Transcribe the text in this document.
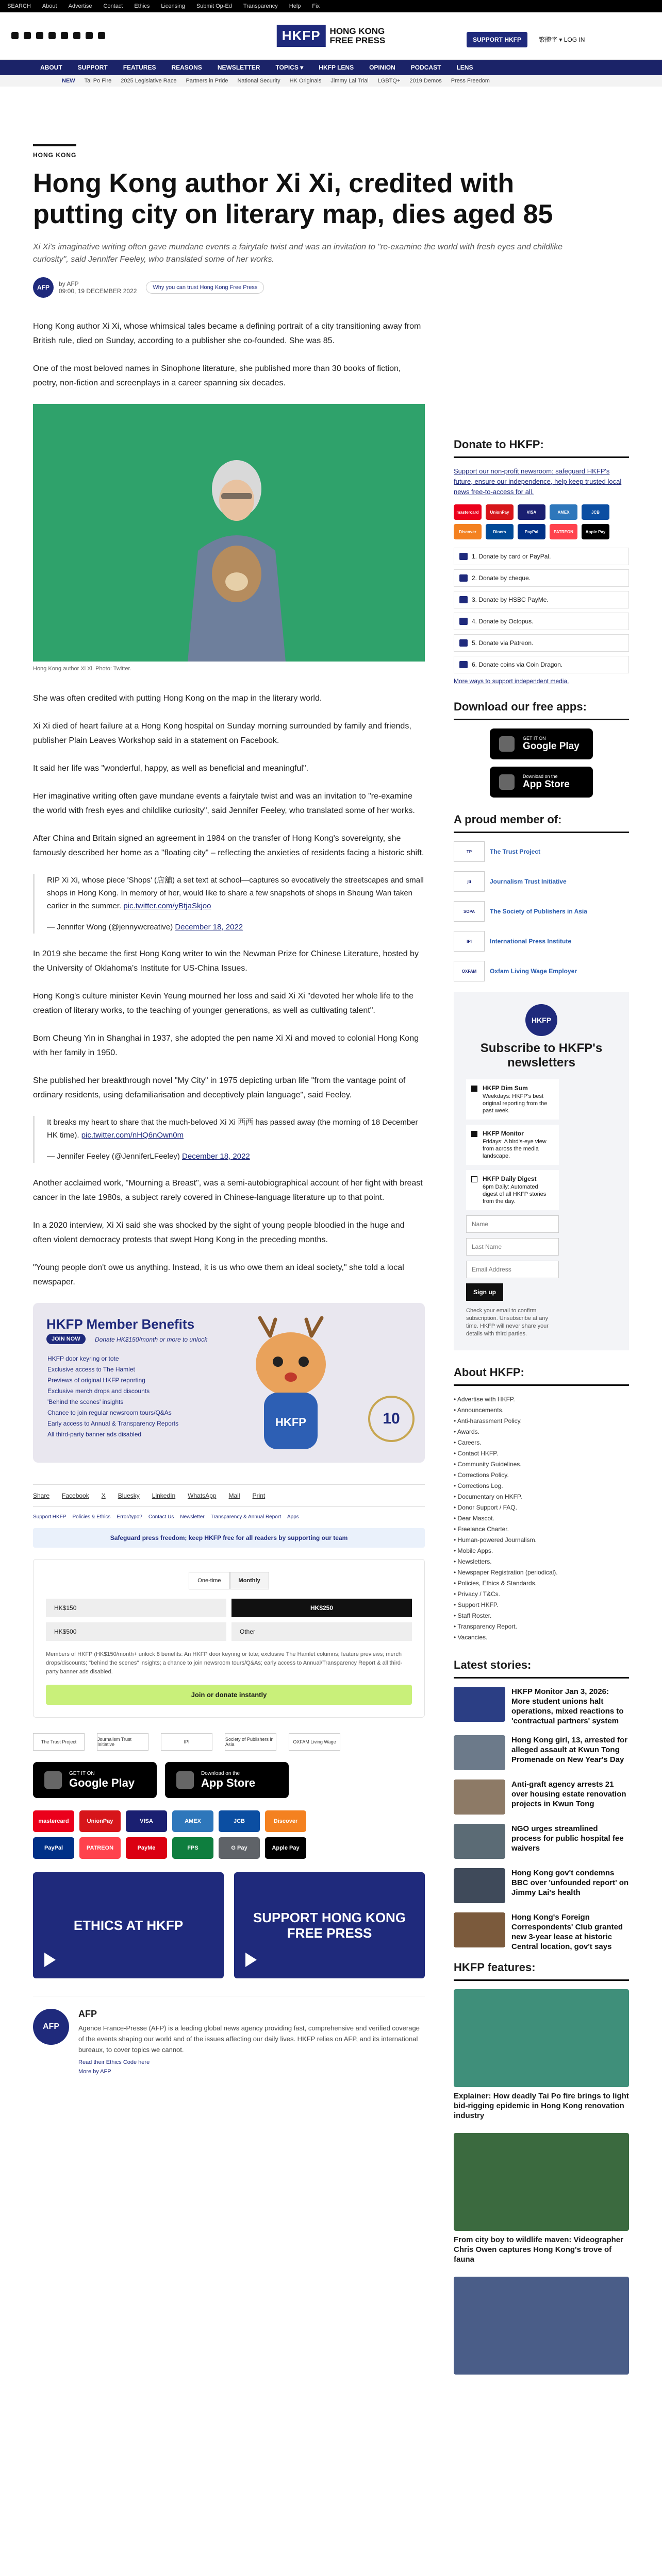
SEARCH About Advertise Contact Ethics Licensing Submit Op-Ed Transparency Help Fix
HKFP	HONG KONG
FREE PRESS	SUPPORT HKFP	繁體字 ▾ LOG IN
ABOUT	SUPPORT	FEATURES	REASONS	NEWSLETTER	TOPICS ▾	HKFP LENS	OPINION	PODCAST	LENS
NEW Tai Po Fire 2025 Legislative Race Partners in Pride National Security HK Originals Jimmy Lai Trial LGBTQ+ 2019 Demos Press Freedom
HONG KONG
Hong Kong author Xi Xi, credited with putting city on literary map, dies aged 85
Xi Xi's imaginative writing often gave mundane events a fairytale twist and was an invitation to "re-examine the world with fresh eyes and childlike curiosity", said Jennifer Feeley, who translated some of her works.
AFP	by AFP
09:00, 19 DECEMBER 2022	Why you can trust Hong Kong Free Press

Hong Kong author Xi Xi, whose whimsical tales became a defining portrait of a city transitioning away from British rule, died on Sunday, according to a publisher she co-founded. She was 85.

One of the most beloved names in Sinophone literature, she published more than 30 books of fiction, poetry, non-fiction and screenplays in a career spanning six decades.

Hong Kong author Xi Xi. Photo: Twitter.

She was often credited with putting Hong Kong on the map in the literary world.

Xi Xi died of heart failure at a Hong Kong hospital on Sunday morning surrounded by family and friends, publisher Plain Leaves Workshop said in a statement on Facebook.

It said her life was "wonderful, happy, as well as beneficial and meaningful".

Her imaginative writing often gave mundane events a fairytale twist and was an invitation to "re-examine the world with fresh eyes and childlike curiosity", said Jennifer Feeley, who translated some of her works.

After China and Britain signed an agreement in 1984 on the transfer of Hong Kong's sovereignty, she famously described her home as a "floating city" – reflecting the anxieties of residents facing a historic shift.

RIP Xi Xi, whose piece 'Shops' (店舖) a set text at school—captures so evocatively the streetscapes and small shops in Hong Kong. In memory of her, would like to share a few snapshots of shops in Sheung Wan taken earlier in the summer. pic.twitter.com/yBtjaSkjoo

— Jennifer Wong (@jennywcreative) December 18, 2022

In 2019 she became the first Hong Kong writer to win the Newman Prize for Chinese Literature, hosted by the University of Oklahoma's Institute for US-China Issues.

Hong Kong's culture minister Kevin Yeung mourned her loss and said Xi Xi "devoted her whole life to the creation of literary works, to the teaching of younger generations, as well as cultivating talent".

Born Cheung Yin in Shanghai in 1937, she adopted the pen name Xi Xi and moved to colonial Hong Kong with her family in 1950.

She published her breakthrough novel "My City" in 1975 depicting urban life "from the vantage point of ordinary residents, using defamiliarisation and deceptively plain language", said Feeley.

It breaks my heart to share that the much-beloved Xi Xi 西西 has passed away (the morning of 18 December HK time). pic.twitter.com/nHQ6nOwn0m

— Jennifer Feeley (@JenniferLFeeley) December 18, 2022

Another acclaimed work, "Mourning a Breast", was a semi-autobiographical account of her fight with breast cancer in the late 1980s, a subject rarely covered in Chinese-language literature up to that point.

In a 2020 interview, Xi Xi said she was shocked by the sight of young people bloodied in the huge and often violent democracy protests that swept Hong Kong in the preceding months.

"Young people don't owe us anything. Instead, it is us who owe them an ideal society," she told a local newspaper.

HKFP Member Benefits
JOIN NOW	Donate HK$150/month or more to unlock
HKFP door keyring or tote
Exclusive access to The Hamlet
Previews of original HKFP reporting
Exclusive merch drops and discounts
'Behind the scenes' insights
Chance to join regular newsroom tours/Q&As
Early access to Annual & Transparency Reports
All third-party banner ads disabled
HKFP	10
Share Facebook X Bluesky LinkedIn WhatsApp Mail Print
Support HKFP Policies & Ethics Error/typo? Contact Us Newsletter Transparency & Annual Report Apps
Safeguard press freedom; keep HKFP free for all readers by supporting our team
One-time	Monthly
HK$150	HK$250
HK$500	Other
Members of HKFP (HK$150/month+ unlock 8 benefits: An HKFP door keyring or tote; exclusive The Hamlet columns; feature previews; merch drops/discounts; "behind the scenes" insights; a chance to join newsroom tours/Q&As; early access to Annual/Transparency Report & all third-party banner ads disabled.
Join or donate instantly
The Trust Project	Journalism Trust Initiative	IPI	Society of Publishers in Asia	OXFAM Living Wage
GET IT ON
Google Play
Download on the
App Store
mastercard	UnionPay	VISA	AMEX	JCB	Discover
PayPal	PATREON	PayMe	FPS	G Pay	Apple Pay
ETHICS AT HKFP	SUPPORT HONG KONG FREE PRESS
AFP
AFP
Agence France-Presse (AFP) is a leading global news agency providing fast, comprehensive and verified coverage of the events shaping our world and of the issues affecting our daily lives. HKFP relies on AFP, and its international bureaux, to cover topics we cannot.
Read their Ethics Code here
More by AFP
Donate to HKFP:
Support our non-profit newsroom: safeguard HKFP's future, ensure our independence, help keep trusted local news free-to-access for all.
mastercard	UnionPay	VISA	AMEX	JCB
Discover	Diners	PayPal	PATREON	Apple Pay
1. Donate by card or PayPal.
2. Donate by cheque.
3. Donate by HSBC PayMe.
4. Donate by Octopus.
5. Donate via Patreon.
6. Donate coins via Coin Dragon.
More ways to support independent media.
Download our free apps:
GET IT ON
Google Play
Download on the
App Store
A proud member of:
TP	The Trust Project
jti	Journalism Trust Initiative
SOPA	The Society of Publishers in Asia
IPI	International Press Institute
OXFAM	Oxfam Living Wage Employer
HKFP
Subscribe to HKFP's newsletters
HKFP Dim Sum
Weekdays: HKFP's best original reporting from the past week.
HKFP Monitor
Fridays: A bird's-eye view from across the media landscape.
HKFP Daily Digest
6pm Daily: Automated digest of all HKFP stories from the day.
Name
Last Name
Email Address
Sign up
Check your email to confirm subscription. Unsubscribe at any time. HKFP will never share your details with third parties.
About HKFP:
• Advertise with HKFP.
• Announcements.
• Anti-harassment Policy.
• Awards.
• Careers.
• Contact HKFP.
• Community Guidelines.
• Corrections Policy.
• Corrections Log.
• Documentary on HKFP.
• Donor Support / FAQ.
• Dear Mascot.
• Freelance Charter.
• Human-powered Journalism.
• Mobile Apps.
• Newsletters.
• Newspaper Registration (periodical).
• Policies, Ethics & Standards.
• Privacy / T&Cs.
• Support HKFP.
• Staff Roster.
• Transparency Report.
• Vacancies.
Latest stories:
HKFP Monitor Jan 3, 2026: More student unions halt operations, mixed reactions to 'contractual partners' system
Hong Kong girl, 13, arrested for alleged assault at Kwun Tong Promenade on New Year's Day
Anti-graft agency arrests 21 over housing estate renovation projects in Kwun Tong
NGO urges streamlined process for public hospital fee waivers
Hong Kong gov't condemns BBC over 'unfounded report' on Jimmy Lai's health
Hong Kong's Foreign Correspondents' Club granted new 3-year lease at historic Central location, gov't says
HKFP features:
Explainer: How deadly Tai Po fire brings to light bid-rigging epidemic in Hong Kong renovation industry
From city boy to wildlife maven: Videographer Chris Owen captures Hong Kong's trove of fauna
